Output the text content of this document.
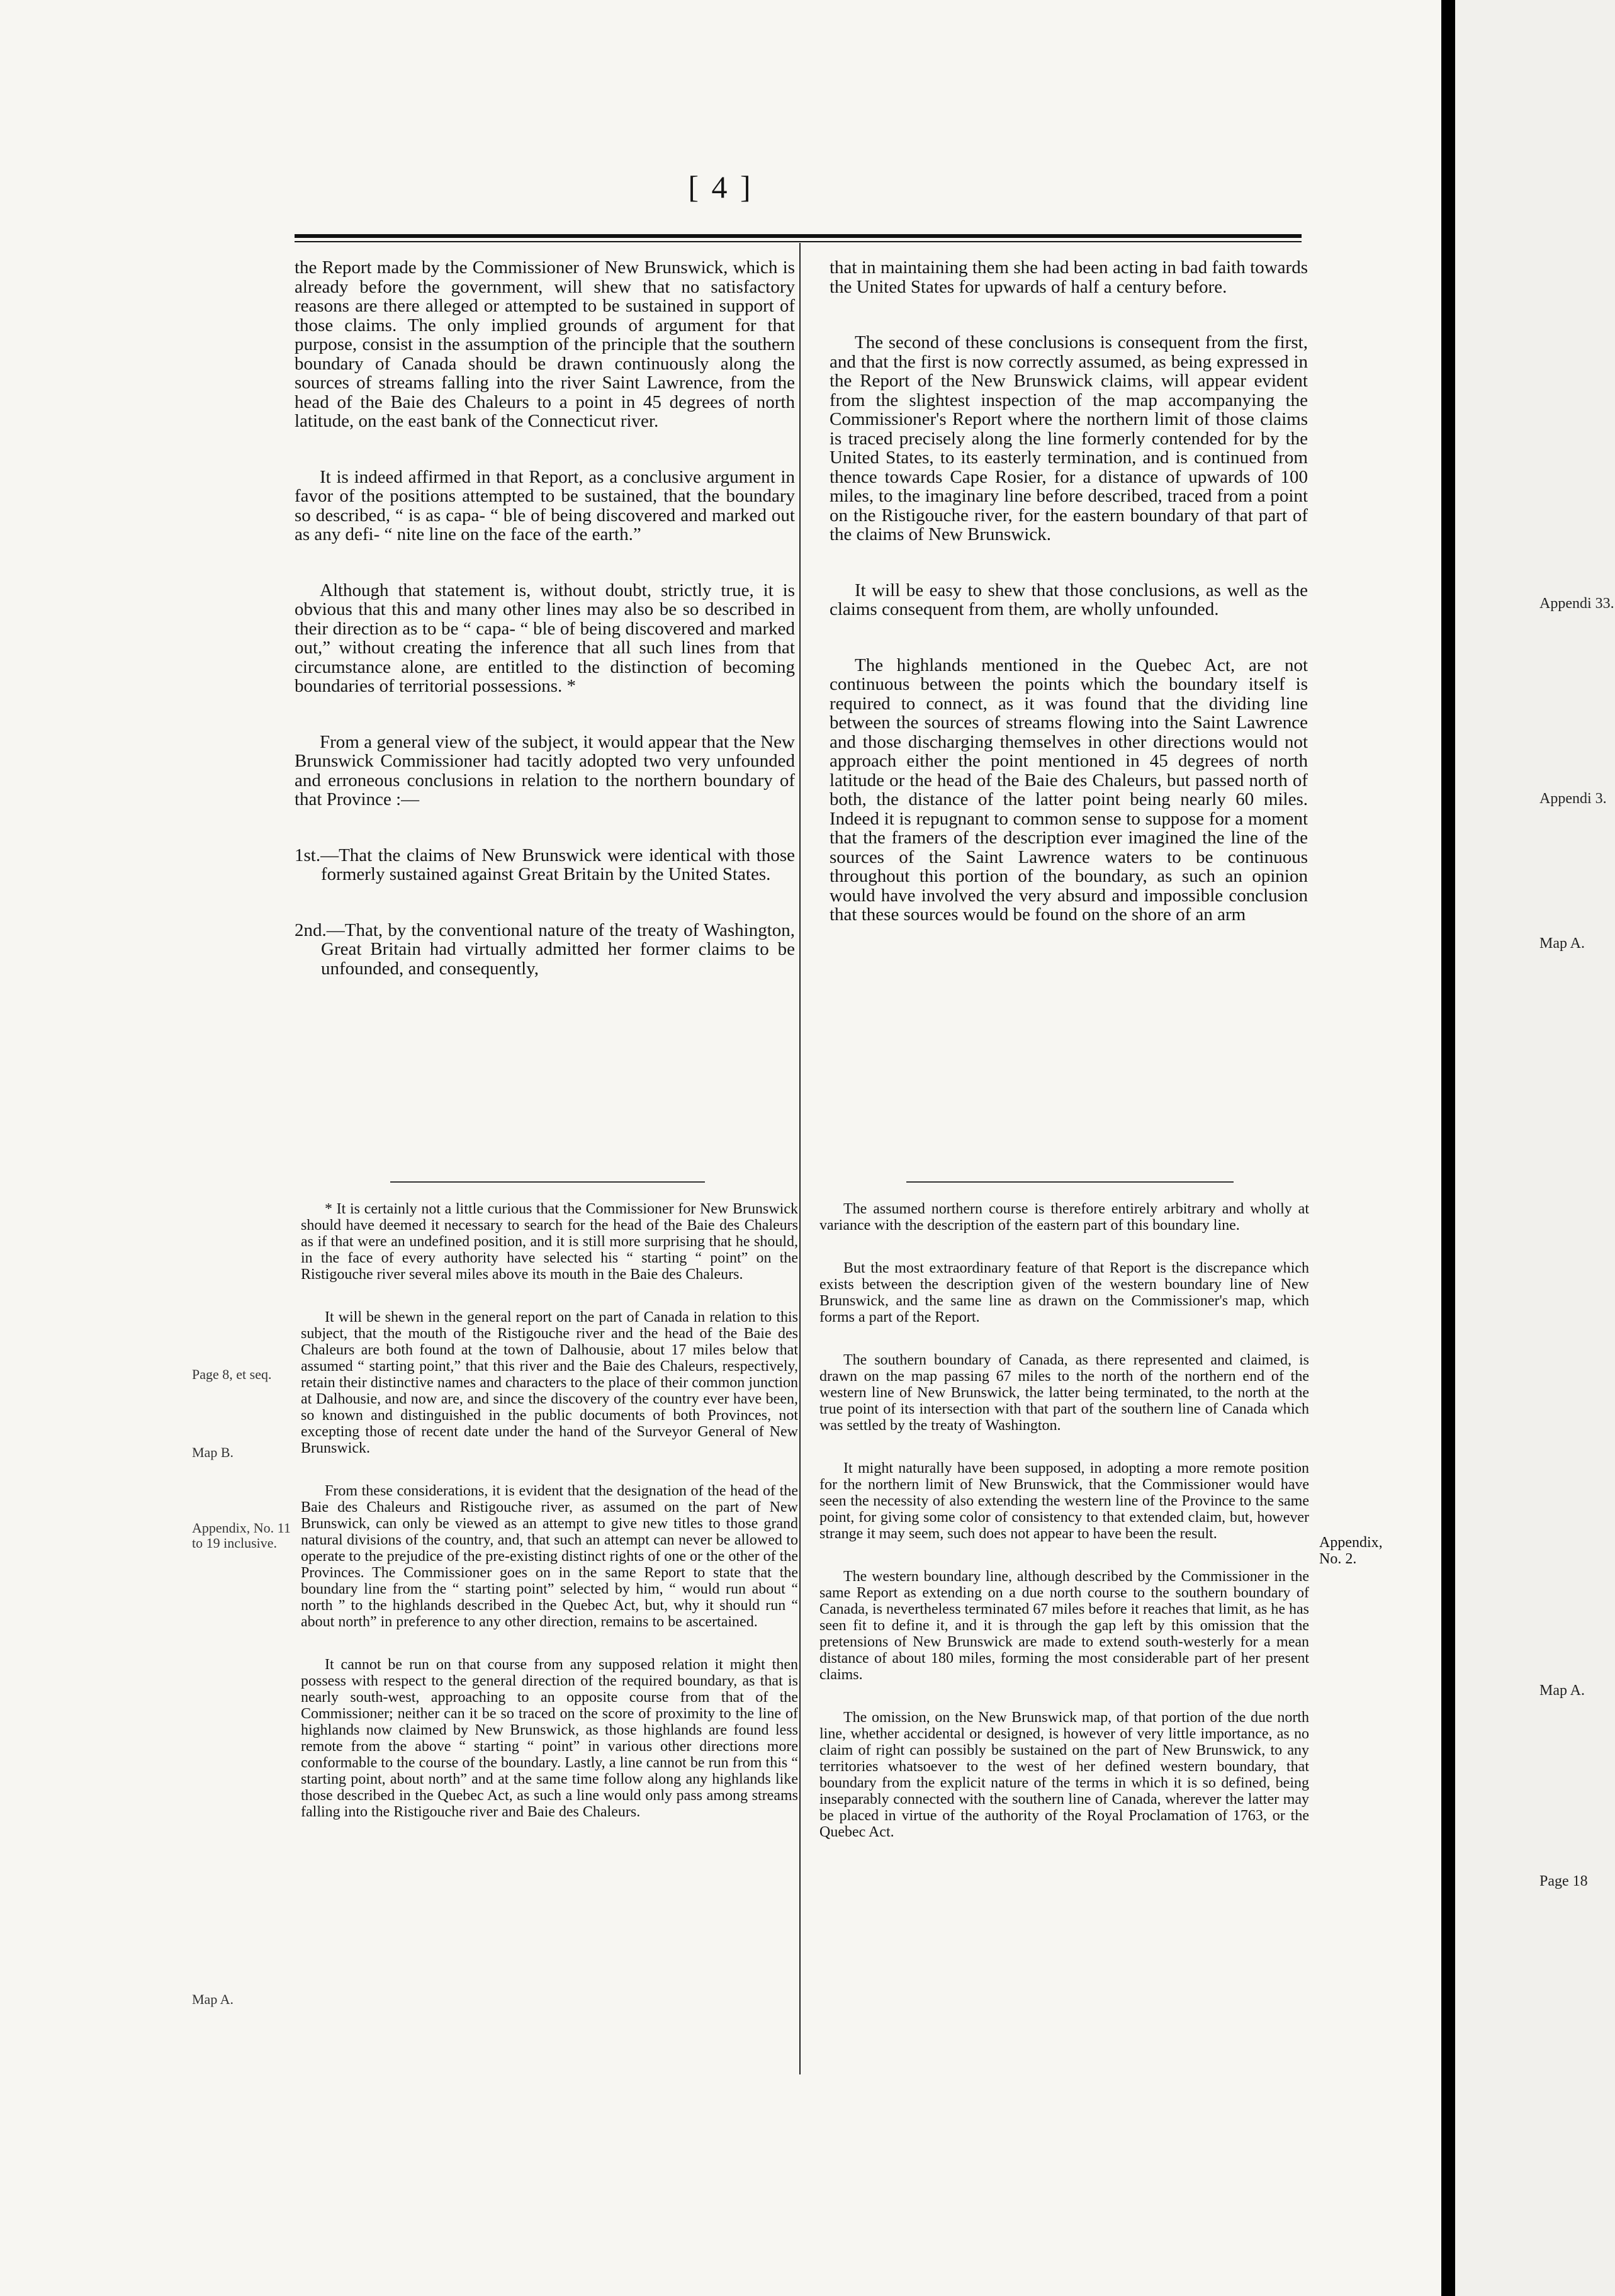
[ 4 ]

the Report made by the Commissioner of New Brunswick, which is already before the government, will shew that no satisfactory reasons are there alleged or attempted to be sustained in support of those claims. The only implied grounds of argument for that purpose, consist in the assumption of the principle that the southern boundary of Canada should be drawn continuously along the sources of streams falling into the river Saint Lawrence, from the head of the Baie des Chaleurs to a point in 45 degrees of north latitude, on the east bank of the Connecticut river.

It is indeed affirmed in that Report, as a conclusive argument in favor of the positions attempted to be sustained, that the boundary so described, “ is as capa- “ ble of being discovered and marked out as any defi- “ nite line on the face of the earth.”

Although that statement is, without doubt, strictly true, it is obvious that this and many other lines may also be so described in their direction as to be “ capa- “ ble of being discovered and marked out,” without creating the inference that all such lines from that circumstance alone, are entitled to the distinction of becoming boundaries of territorial possessions. *

From a general view of the subject, it would appear that the New Brunswick Commissioner had tacitly adopted two very unfounded and erroneous conclusions in relation to the northern boundary of that Province :—

1st.—That the claims of New Brunswick were identical with those formerly sustained against Great Britain by the United States.

2nd.—That, by the conventional nature of the treaty of Washington, Great Britain had virtually admitted her former claims to be unfounded, and consequently,

that in maintaining them she had been acting in bad faith towards the United States for upwards of half a century before.

The second of these conclusions is consequent from the first, and that the first is now correctly assumed, as being expressed in the Report of the New Brunswick claims, will appear evident from the slightest inspection of the map accompanying the Commissioner's Report where the northern limit of those claims is traced precisely along the line formerly contended for by the United States, to its easterly termination, and is continued from thence towards Cape Rosier, for a distance of upwards of 100 miles, to the imaginary line before described, traced from a point on the Ristigouche river, for the eastern boundary of that part of the claims of New Brunswick.

It will be easy to shew that those conclusions, as well as the claims consequent from them, are wholly unfounded.

The highlands mentioned in the Quebec Act, are not continuous between the points which the boundary itself is required to connect, as it was found that the dividing line between the sources of streams flowing into the Saint Lawrence and those discharging themselves in other directions would not approach either the point mentioned in 45 degrees of north latitude or the head of the Baie des Chaleurs, but passed north of both, the distance of the latter point being nearly 60 miles. Indeed it is repugnant to common sense to suppose for a moment that the framers of the description ever imagined the line of the sources of the Saint Lawrence waters to be continuous throughout this portion of the boundary, as such an opinion would have involved the very absurd and impossible conclusion that these sources would be found on the shore of an arm

* It is certainly not a little curious that the Commissioner for New Brunswick should have deemed it necessary to search for the head of the Baie des Chaleurs as if that were an undefined position, and it is still more surprising that he should, in the face of every authority have selected his “ starting “ point” on the Ristigouche river several miles above its mouth in the Baie des Chaleurs.

It will be shewn in the general report on the part of Canada in relation to this subject, that the mouth of the Ristigouche river and the head of the Baie des Chaleurs are both found at the town of Dalhousie, about 17 miles below that assumed “ starting point,” that this river and the Baie des Chaleurs, respectively, retain their distinctive names and characters to the place of their common junction at Dalhousie, and now are, and since the discovery of the country ever have been, so known and distinguished in the public documents of both Provinces, not excepting those of recent date under the hand of the Surveyor General of New Brunswick.

From these considerations, it is evident that the designation of the head of the Baie des Chaleurs and Ristigouche river, as assumed on the part of New Brunswick, can only be viewed as an attempt to give new titles to those grand natural divisions of the country, and, that such an attempt can never be allowed to operate to the prejudice of the pre-existing distinct rights of one or the other of the Provinces. The Commissioner goes on in the same Report to state that the boundary line from the “ starting point” selected by him, “ would run about “ north ” to the highlands described in the Quebec Act, but, why it should run “ about north” in preference to any other direction, remains to be ascertained.

It cannot be run on that course from any supposed relation it might then possess with respect to the general direction of the required boundary, as that is nearly south-west, approaching to an opposite course from that of the Commissioner; neither can it be so traced on the score of proximity to the line of highlands now claimed by New Brunswick, as those highlands are found less remote from the above “ starting “ point” in various other directions more conformable to the course of the boundary. Lastly, a line cannot be run from this “ starting point, about north” and at the same time follow along any highlands like those described in the Quebec Act, as such a line would only pass among streams falling into the Ristigouche river and Baie des Chaleurs.

The assumed northern course is therefore entirely arbitrary and wholly at variance with the description of the eastern part of this boundary line.

But the most extraordinary feature of that Report is the discrepance which exists between the description given of the western boundary line of New Brunswick, and the same line as drawn on the Commissioner's map, which forms a part of the Report.

The southern boundary of Canada, as there represented and claimed, is drawn on the map passing 67 miles to the north of the northern end of the western line of New Brunswick, the latter being terminated, to the north at the true point of its intersection with that part of the southern line of Canada which was settled by the treaty of Washington.

It might naturally have been supposed, in adopting a more remote position for the northern limit of New Brunswick, that the Commissioner would have seen the necessity of also extending the western line of the Province to the same point, for giving some color of consistency to that extended claim, but, however strange it may seem, such does not appear to have been the result.

The western boundary line, although described by the Commissioner in the same Report as extending on a due north course to the southern boundary of Canada, is nevertheless terminated 67 miles before it reaches that limit, as he has seen fit to define it, and it is through the gap left by this omission that the pretensions of New Brunswick are made to extend south-westerly for a mean distance of about 180 miles, forming the most considerable part of her present claims.

The omission, on the New Brunswick map, of that portion of the due north line, whether accidental or designed, is however of very little importance, as no claim of right can possibly be sustained on the part of New Brunswick, to any territories whatsoever to the west of her defined western boundary, that boundary from the explicit nature of the terms in which it is so defined, being inseparably connected with the southern line of Canada, wherever the latter may be placed in virtue of the authority of the Royal Proclamation of 1763, or the Quebec Act.

Page 8, et seq.
Map B.
Appendix, No. 11 to 19 inclusive.
Map A.
Appendix, No. 2.
Appendi 33.
Appendi 3.
Map A.
Map A.
Page 18
